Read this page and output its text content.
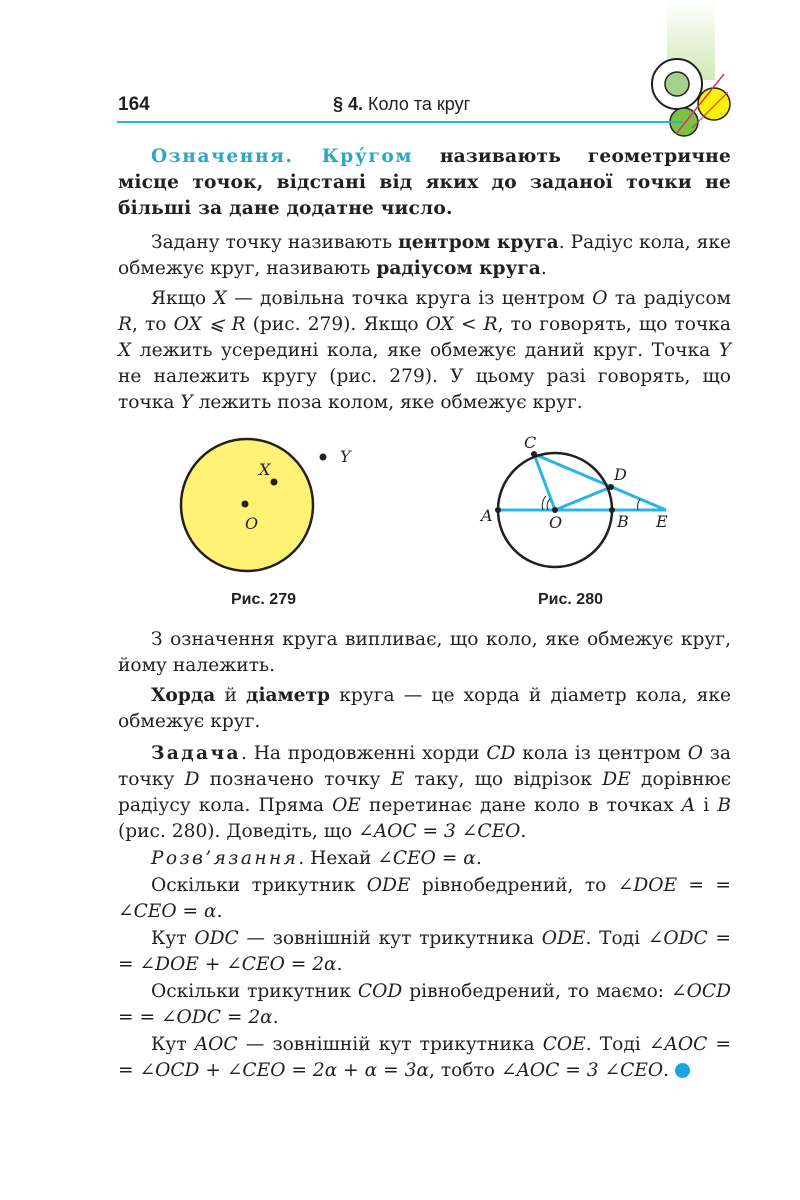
164	§ 4. Коло та круг

Означення. Кру́гом називають геометричне місце точок, відстані від яких до заданої точки не більші за дане додатне число.

Задану точку називають центром круга. Радіус кола, яке обмежує круг, називають радіусом круга.

Якщо X — довільна точка круга із центром O та радіусом R, то OX ⩽ R (рис. 279). Якщо OX < R, то говорять, що точка X лежить усередині кола, яке обмежує даний круг. Точка Y не належить кругу (рис. 279). У цьому разі говорять, що точка Y лежить поза колом, яке обмежує круг.

X
O
Y
Рис. 279
C
D
A	O	B E
Рис. 280

З означення круга випливає, що коло, яке обмежує круг, йому належить.

Хорда й діаметр круга — це хорда й діаметр кола, яке обмежує круг.

Задача. На продовженні хорди CD кола із центром O за точку D позначено точку E таку, що відрізок DE дорівнює радіусу кола. Пряма OE перетинає дане коло в точках A і B (рис. 280). Доведіть, що ∠AOC = 3 ∠CEO.

Розв’язання. Нехай ∠CEO = α.

Оскільки трикутник ODE рівнобедрений, то ∠DOE = = ∠CEO = α.

Кут ODC — зовнішній кут трикутника ODE. Тоді ∠ODC = = ∠DOE + ∠CEO = 2α.

Оскільки трикутник COD рівнобедрений, то маємо: ∠OCD = = ∠ODC = 2α.

Кут AOC — зовнішній кут трикутника COE. Тоді ∠AOC = = ∠OCD + ∠CEO = 2α + α = 3α, тобто ∠AOC = 3 ∠CEO.
